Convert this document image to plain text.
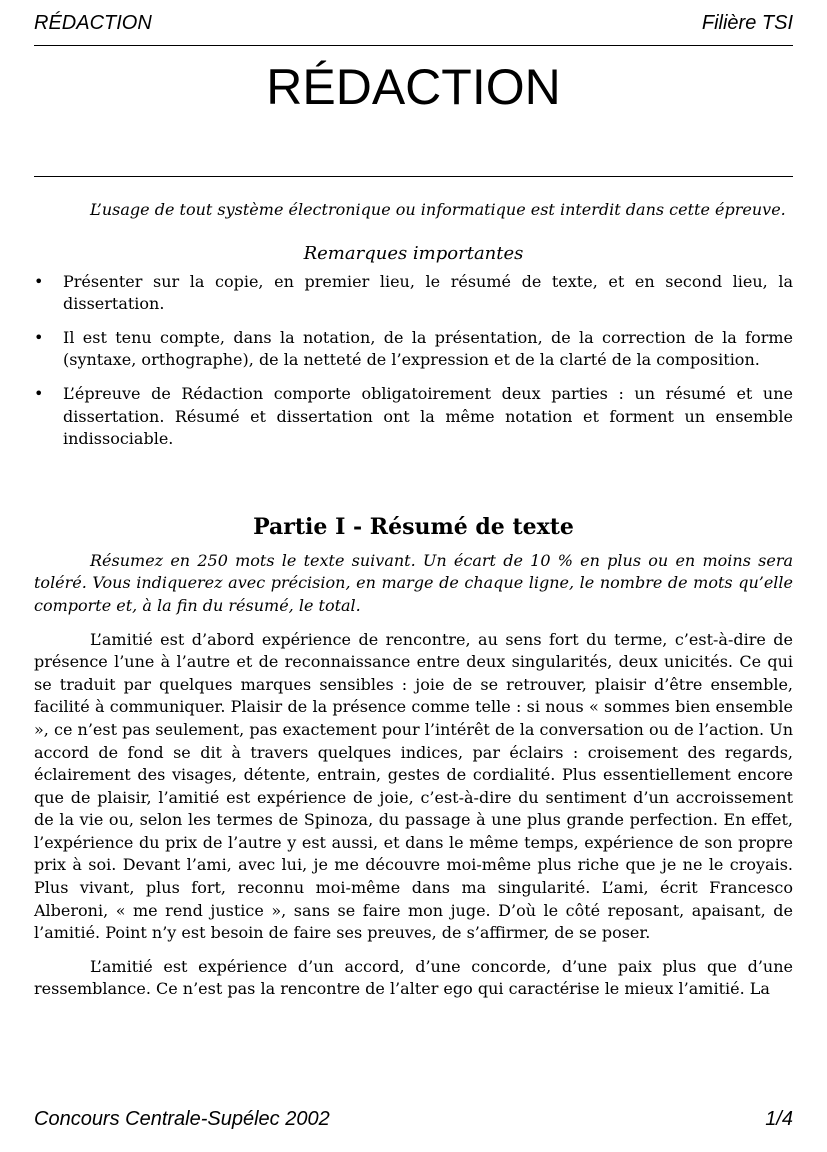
RÉDACTION	Filière TSI
RÉDACTION

L’usage de tout système électronique ou informatique est interdit dans cette épreuve.

Remarques importantes
•	Présenter sur la copie, en premier lieu, le résumé de texte, et en second lieu, la dissertation.
•	Il est tenu compte, dans la notation, de la présentation, de la correction de la forme (syntaxe, orthographe), de la netteté de l’expression et de la clarté de la composition.
•	L’épreuve de Rédaction comporte obligatoirement deux parties : un résumé et une dissertation. Résumé et dissertation ont la même notation et forment un ensemble indissociable.
Partie I - Résumé de texte

Résumez en 250 mots le texte suivant. Un écart de 10 % en plus ou en moins sera toléré. Vous indiquerez avec précision, en marge de chaque ligne, le nombre de mots qu’elle comporte et, à la fin du résumé, le total.

L’amitié est d’abord expérience de rencontre, au sens fort du terme, c’est-à-dire de présence l’une à l’autre et de reconnaissance entre deux singularités, deux unicités. Ce qui se traduit par quelques marques sensibles : joie de se retrouver, plaisir d’être ensemble, facilité à communiquer. Plaisir de la présence comme telle : si nous « sommes bien ensemble », ce n’est pas seulement, pas exactement pour l’intérêt de la conversation ou de l’action. Un accord de fond se dit à travers quelques indices, par éclairs : croisement des regards, éclairement des visages, détente, entrain, gestes de cordialité. Plus essentiellement encore que de plaisir, l’amitié est expérience de joie, c’est-à-dire du sentiment d’un accroissement de la vie ou, selon les termes de Spinoza, du passage à une plus grande perfection. En effet, l’expérience du prix de l’autre y est aussi, et dans le même temps, expérience de son propre prix à soi. Devant l’ami, avec lui, je me découvre moi-même plus riche que je ne le croyais. Plus vivant, plus fort, reconnu moi-même dans ma singularité. L’ami, écrit Francesco Alberoni, « me rend justice », sans se faire mon juge. D’où le côté reposant, apaisant, de l’amitié. Point n’y est besoin de faire ses preuves, de s’affirmer, de se poser.

L’amitié est expérience d’un accord, d’une concorde, d’une paix plus que d’une ressemblance. Ce n’est pas la rencontre de l’alter ego qui caractérise le mieux l’amitié. La

Concours Centrale-Supélec 2002	1/4
